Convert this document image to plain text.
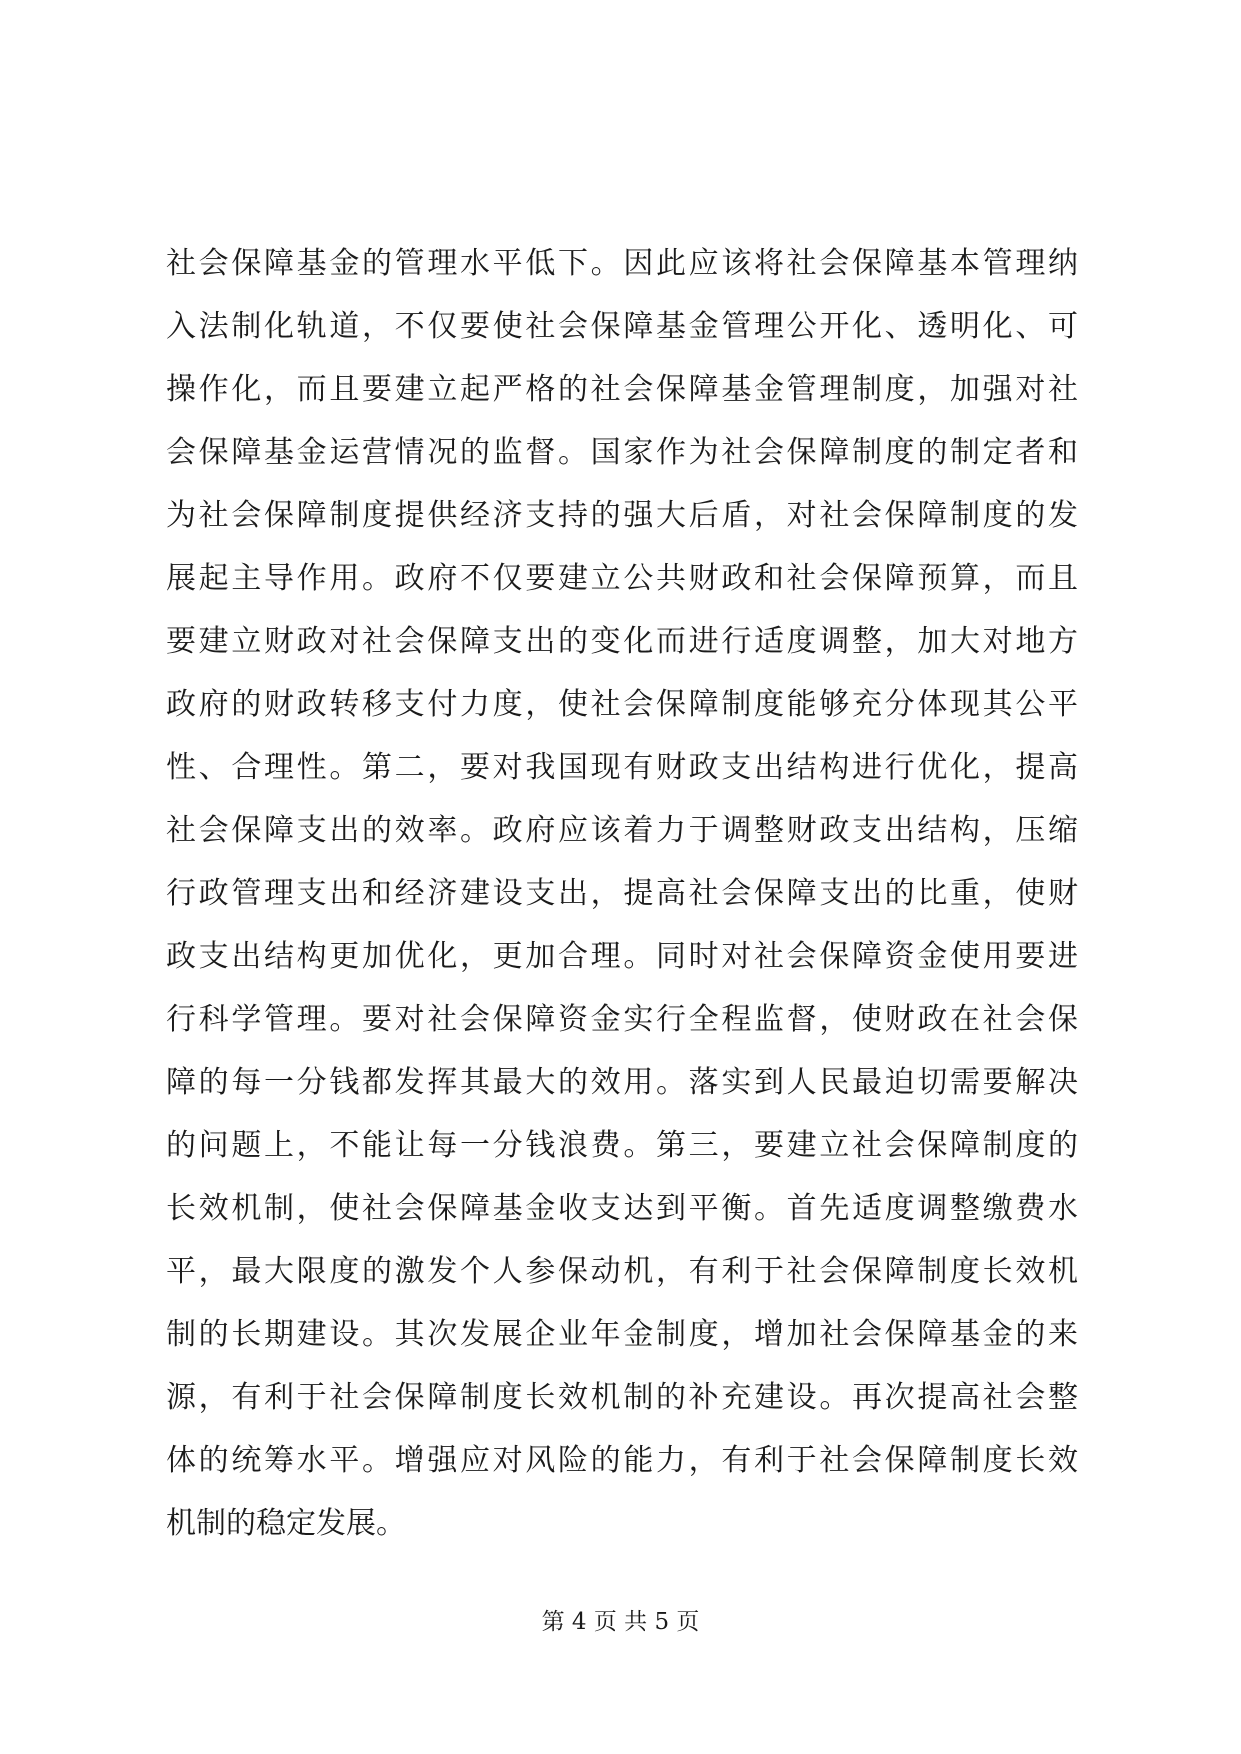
社会保障基金的管理水平低下。因此应该将社会保障基本管理纳
入法制化轨道，不仅要使社会保障基金管理公开化、透明化、可
操作化，而且要建立起严格的社会保障基金管理制度，加强对社
会保障基金运营情况的监督。国家作为社会保障制度的制定者和
为社会保障制度提供经济支持的强大后盾，对社会保障制度的发
展起主导作用。政府不仅要建立公共财政和社会保障预算，而且
要建立财政对社会保障支出的变化而进行适度调整，加大对地方
政府的财政转移支付力度，使社会保障制度能够充分体现其公平
性、合理性。第二，要对我国现有财政支出结构进行优化，提高
社会保障支出的效率。政府应该着力于调整财政支出结构，压缩
行政管理支出和经济建设支出，提高社会保障支出的比重，使财
政支出结构更加优化，更加合理。同时对社会保障资金使用要进
行科学管理。要对社会保障资金实行全程监督，使财政在社会保
障的每一分钱都发挥其最大的效用。落实到人民最迫切需要解决
的问题上，不能让每一分钱浪费。第三，要建立社会保障制度的
长效机制，使社会保障基金收支达到平衡。首先适度调整缴费水
平，最大限度的激发个人参保动机，有利于社会保障制度长效机
制的长期建设。其次发展企业年金制度，增加社会保障基金的来
源，有利于社会保障制度长效机制的补充建设。再次提高社会整
体的统筹水平。增强应对风险的能力，有利于社会保障制度长效
机制的稳定发展。
第 4 页 共 5 页
